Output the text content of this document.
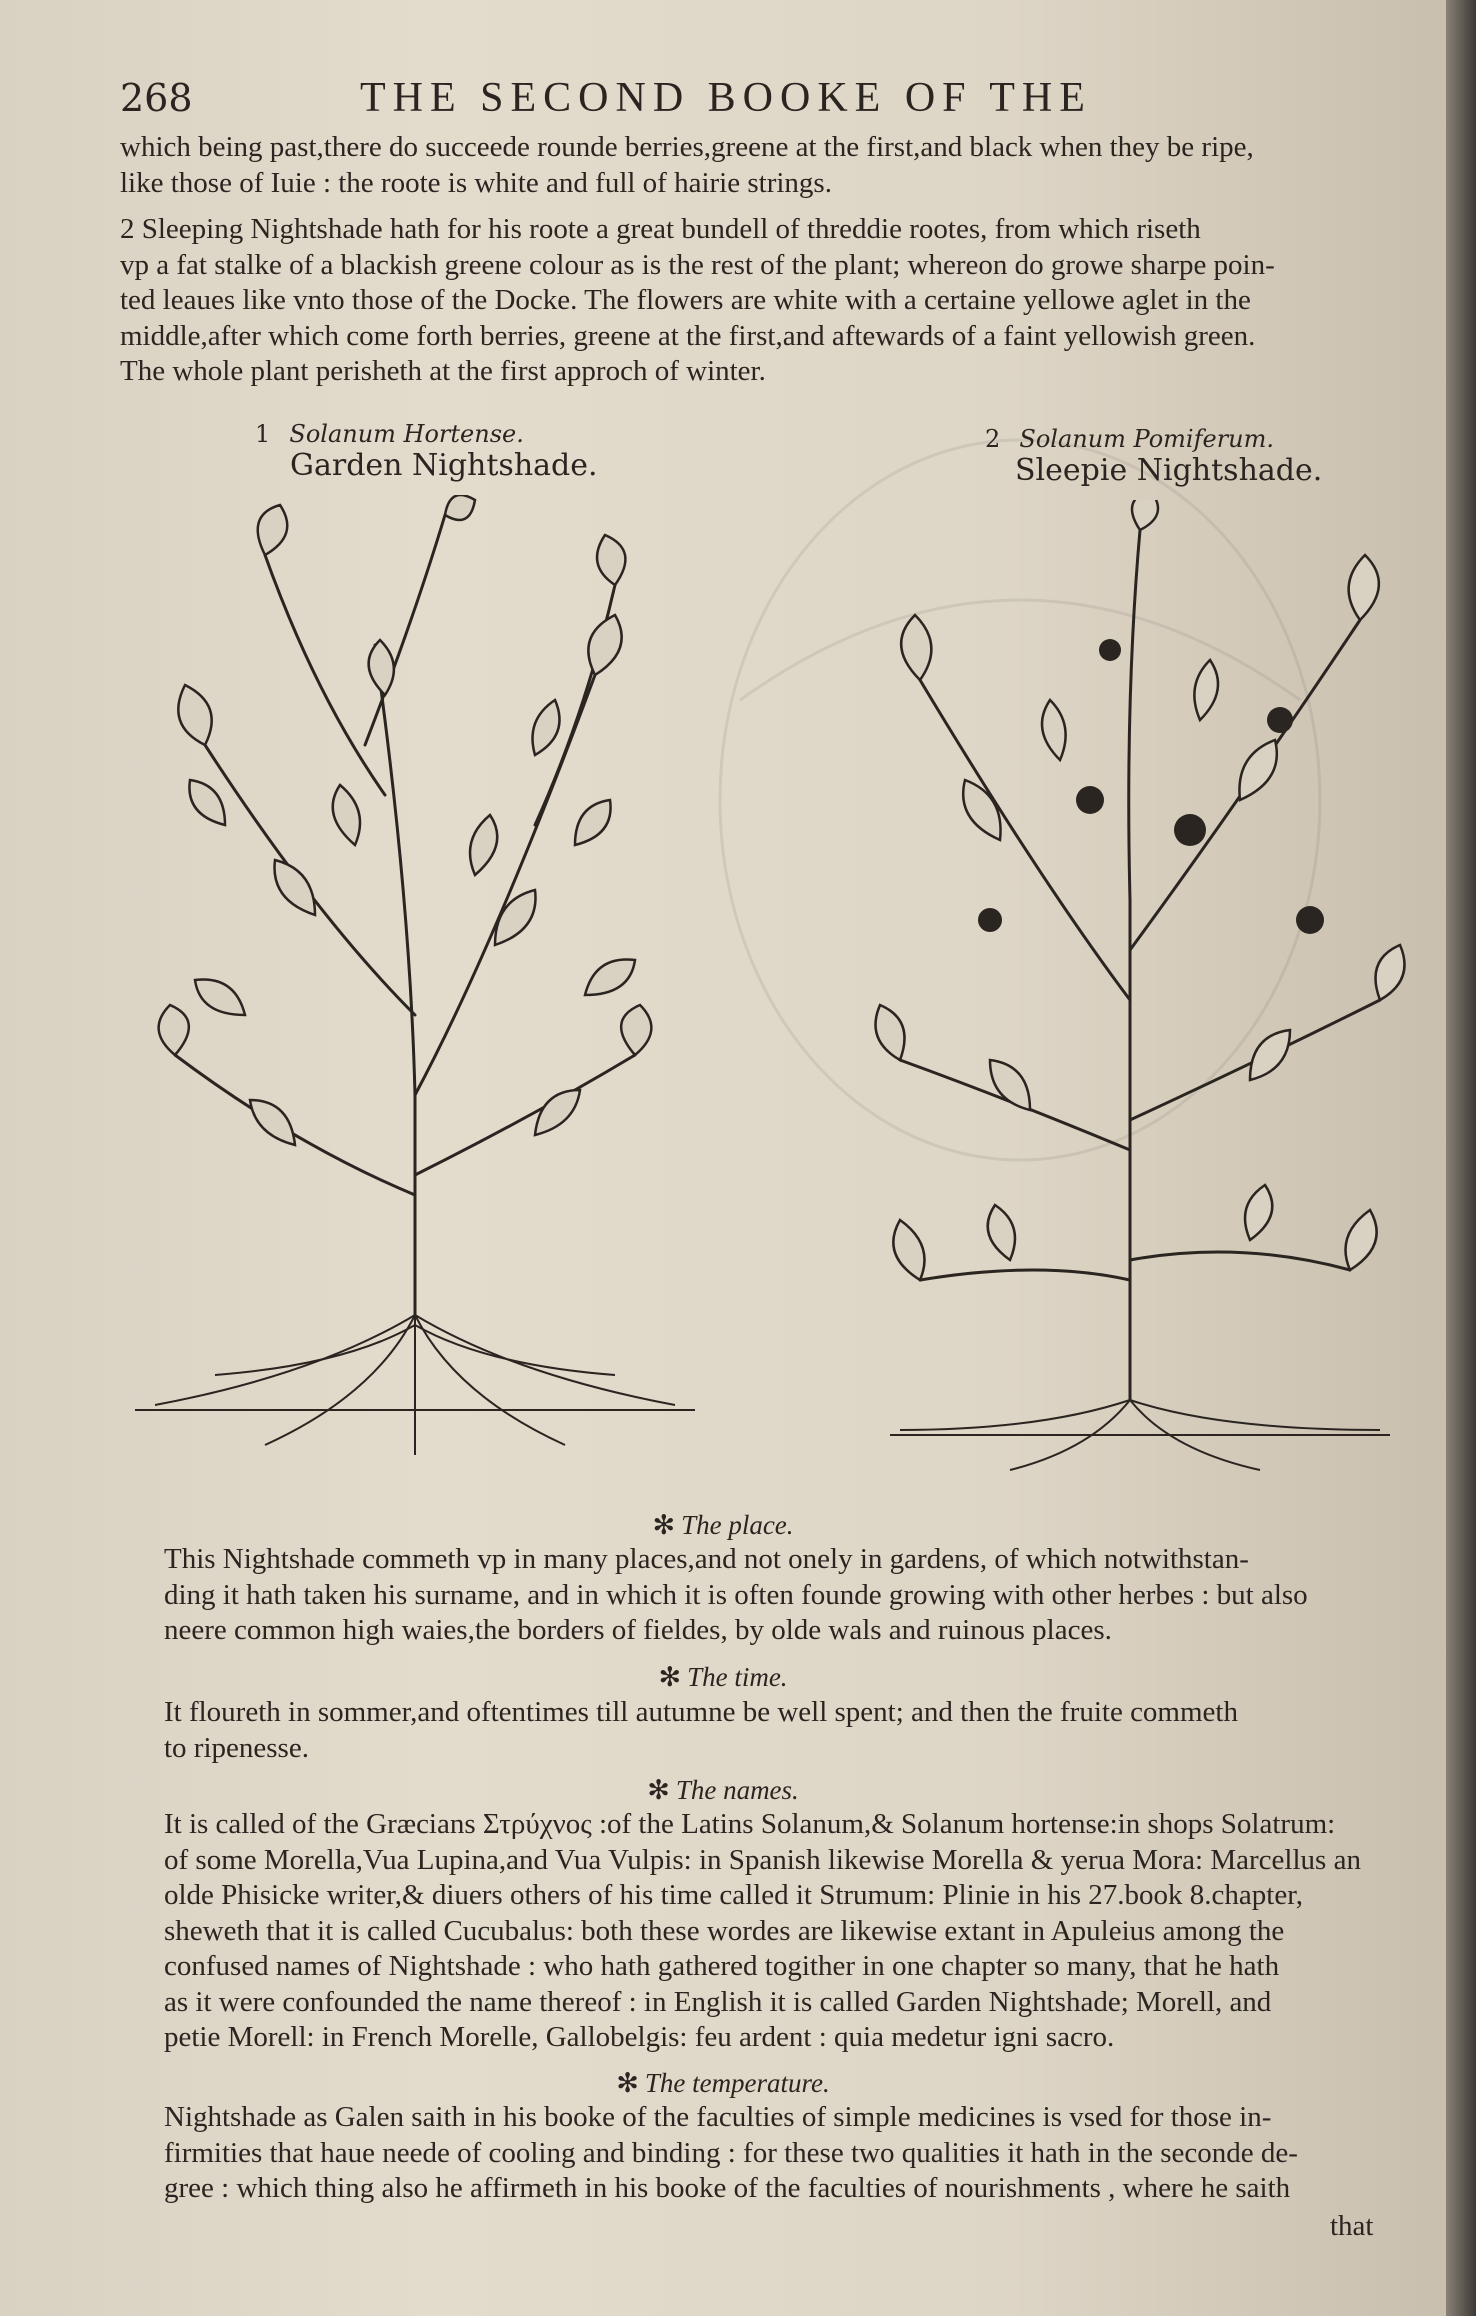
268	THE SECOND BOOKE OF THE
which being past,there do succeede rounde berries,greene at the first,and black when they be ripe,
like those of Iuie : the roote is white and full of hairie strings.
2 Sleeping Nightshade hath for his roote a great bundell of threddie rootes, from which riseth
vp a fat stalke of a blackish greene colour as is the rest of the plant; whereon do growe sharpe poin-
ted leaues like vnto those of the Docke. The flowers are white with a certaine yellowe aglet in the
middle,after which come forth berries, greene at the first,and aftewards of a faint yellowish green.
The whole plant perisheth at the first approch of winter.
1 Solanum Hortense.
Garden Nightshade.
2 Solanum Pomiferum.
Sleepie Nightshade.
✻ The place.
This Nightshade commeth vp in many places,and not onely in gardens, of which notwithstan-
ding it hath taken his surname, and in which it is often founde growing with other herbes : but also
neere common high waies,the borders of fieldes, by olde wals and ruinous places.
✻ The time.
It floureth in sommer,and oftentimes till autumne be well spent; and then the fruite commeth
to ripenesse.
✻ The names.
It is called of the Græcians Στρύχνος :of the Latins Solanum,& Solanum hortense:in shops Solatrum:
of some Morella,Vua Lupina,and Vua Vulpis: in Spanish likewise Morella & yerua Mora: Marcellus an
olde Phisicke writer,& diuers others of his time called it Strumum: Plinie in his 27.book 8.chapter,
sheweth that it is called Cucubalus: both these wordes are likewise extant in Apuleius among the
confused names of Nightshade : who hath gathered togither in one chapter so many, that he hath
as it were confounded the name thereof : in English it is called Garden Nightshade; Morell, and
petie Morell: in French Morelle, Gallobelgis: feu ardent : quia medetur igni sacro.
✻ The temperature.
Nightshade as Galen saith in his booke of the faculties of simple medicines is vsed for those in-
firmities that haue neede of cooling and binding : for these two qualities it hath in the seconde de-
gree : which thing also he affirmeth in his booke of the faculties of nourishments , where he saith
that
